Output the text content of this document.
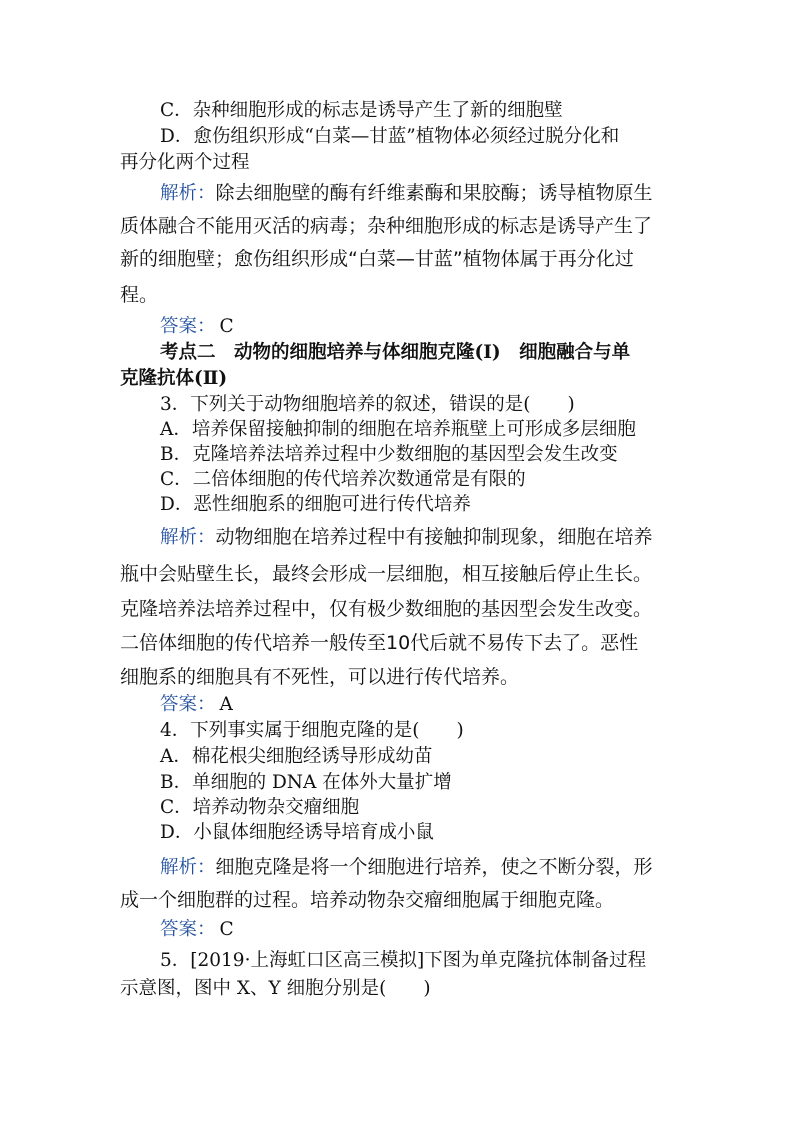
C．杂种细胞形成的标志是诱导产生了新的细胞壁
D．愈伤组织形成“白菜—甘蓝”植物体必须经过脱分化和
再分化两个过程
解析：除去细胞壁的酶有纤维素酶和果胶酶；诱导植物原生
质体融合不能用灭活的病毒；杂种细胞形成的标志是诱导产生了
新的细胞壁；愈伤组织形成“白菜—甘蓝”植物体属于再分化过
程。
答案： C
考点二　动物的细胞培养与体细胞克隆(Ⅰ)　细胞融合与单
克隆抗体(Ⅱ)
3．下列关于动物细胞培养的叙述，错误的是(　　)
A．培养保留接触抑制的细胞在培养瓶壁上可形成多层细胞
B．克隆培养法培养过程中少数细胞的基因型会发生改变
C．二倍体细胞的传代培养次数通常是有限的
D．恶性细胞系的细胞可进行传代培养
解析：动物细胞在培养过程中有接触抑制现象，细胞在培养
瓶中会贴壁生长，最终会形成一层细胞，相互接触后停止生长。
克隆培养法培养过程中，仅有极少数细胞的基因型会发生改变。
二倍体细胞的传代培养一般传至10代后就不易传下去了。恶性
细胞系的细胞具有不死性，可以进行传代培养。
答案： A
4．下列事实属于细胞克隆的是(　　)
A．棉花根尖细胞经诱导形成幼苗
B．单细胞的 DNA 在体外大量扩增
C．培养动物杂交瘤细胞
D．小鼠体细胞经诱导培育成小鼠
解析：细胞克隆是将一个细胞进行培养，使之不断分裂，形
成一个细胞群的过程。培养动物杂交瘤细胞属于细胞克隆。
答案： C
5．[2019·上海虹口区高三模拟]下图为单克隆抗体制备过程
示意图，图中 X、Y 细胞分别是(　　)
